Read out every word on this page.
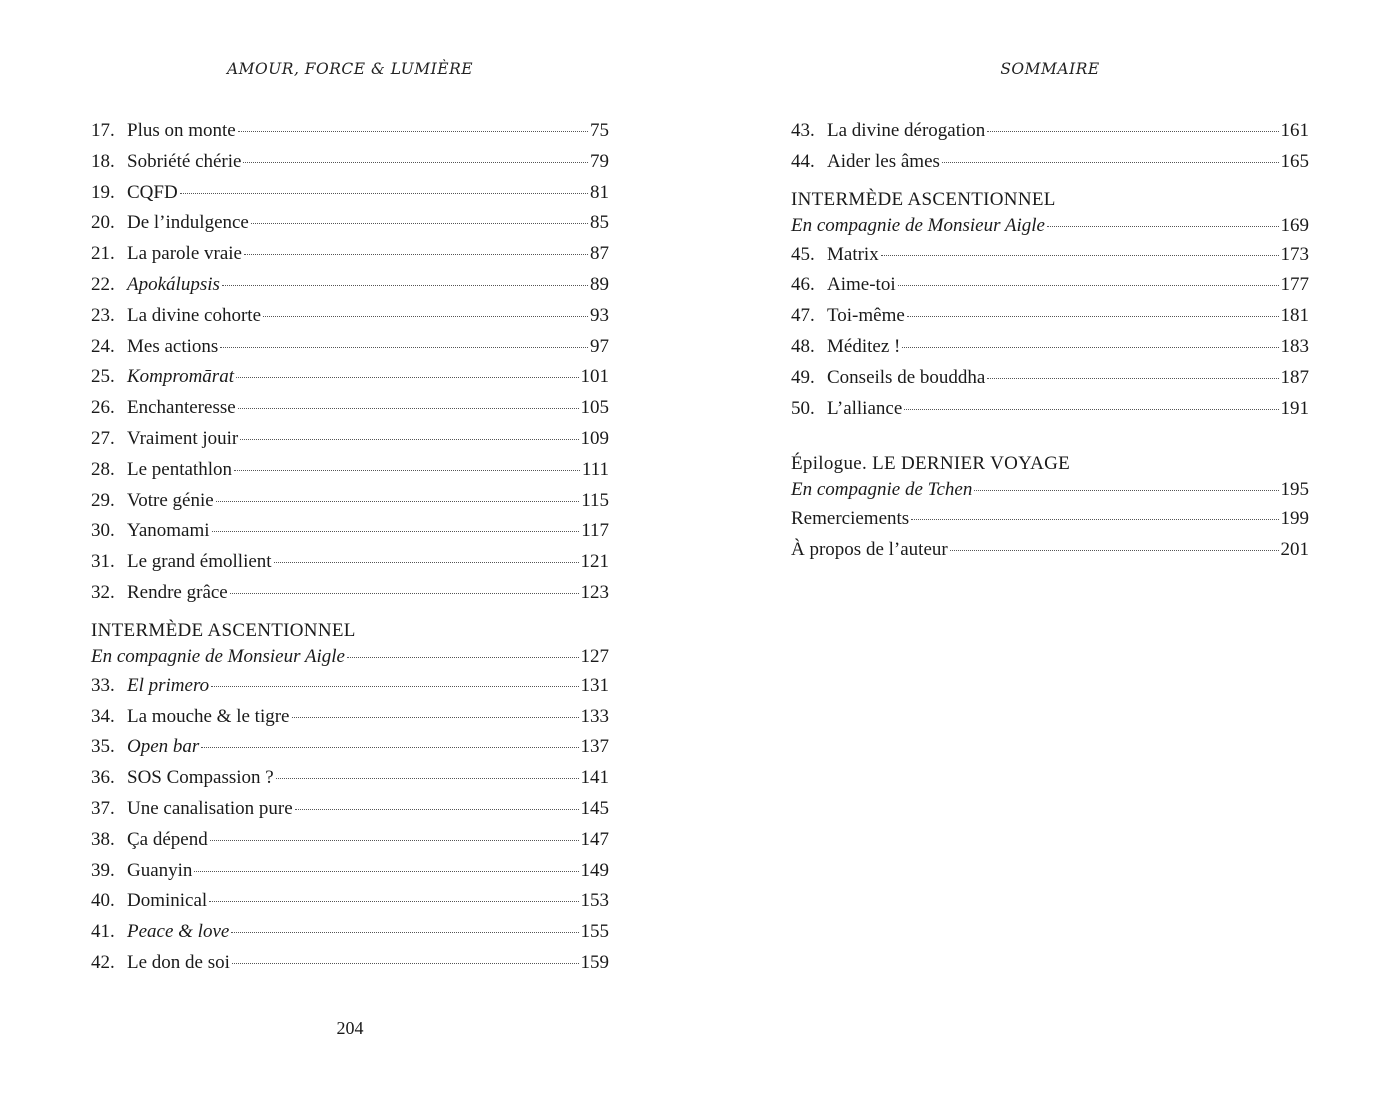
AMOUR, FORCE & LUMIÈRE
17. Plus on monte	75
18. Sobriété chérie	79
19. CQFD	81
20. De l’indulgence	85
21. La parole vraie	87
22. Apokálupsis	89
23. La divine cohorte	93
24. Mes actions	97
25. Kompromārat	101
26. Enchanteresse	105
27. Vraiment jouir	109
28. Le pentathlon	111
29. Votre génie	115
30. Yanomami	117
31. Le grand émollient	121
32. Rendre grâce	123
INTERMÈDE ASCENTIONNEL
En compagnie de Monsieur Aigle	127
33. El primero	131
34. La mouche & le tigre	133
35. Open bar	137
36. SOS Compassion ?	141
37. Une canalisation pure	145
38. Ça dépend	147
39. Guanyin	149
40. Dominical	153
41. Peace & love	155
42. Le don de soi	159
204
SOMMAIRE
43. La divine dérogation	161
44. Aider les âmes	165
INTERMÈDE ASCENTIONNEL
En compagnie de Monsieur Aigle	169
45. Matrix	173
46. Aime-toi	177
47. Toi-même	181
48. Méditez !	183
49. Conseils de bouddha	187
50. L’alliance	191
Épilogue. LE DERNIER VOYAGE
En compagnie de Tchen	195
Remerciements	199
À propos de l’auteur	201
